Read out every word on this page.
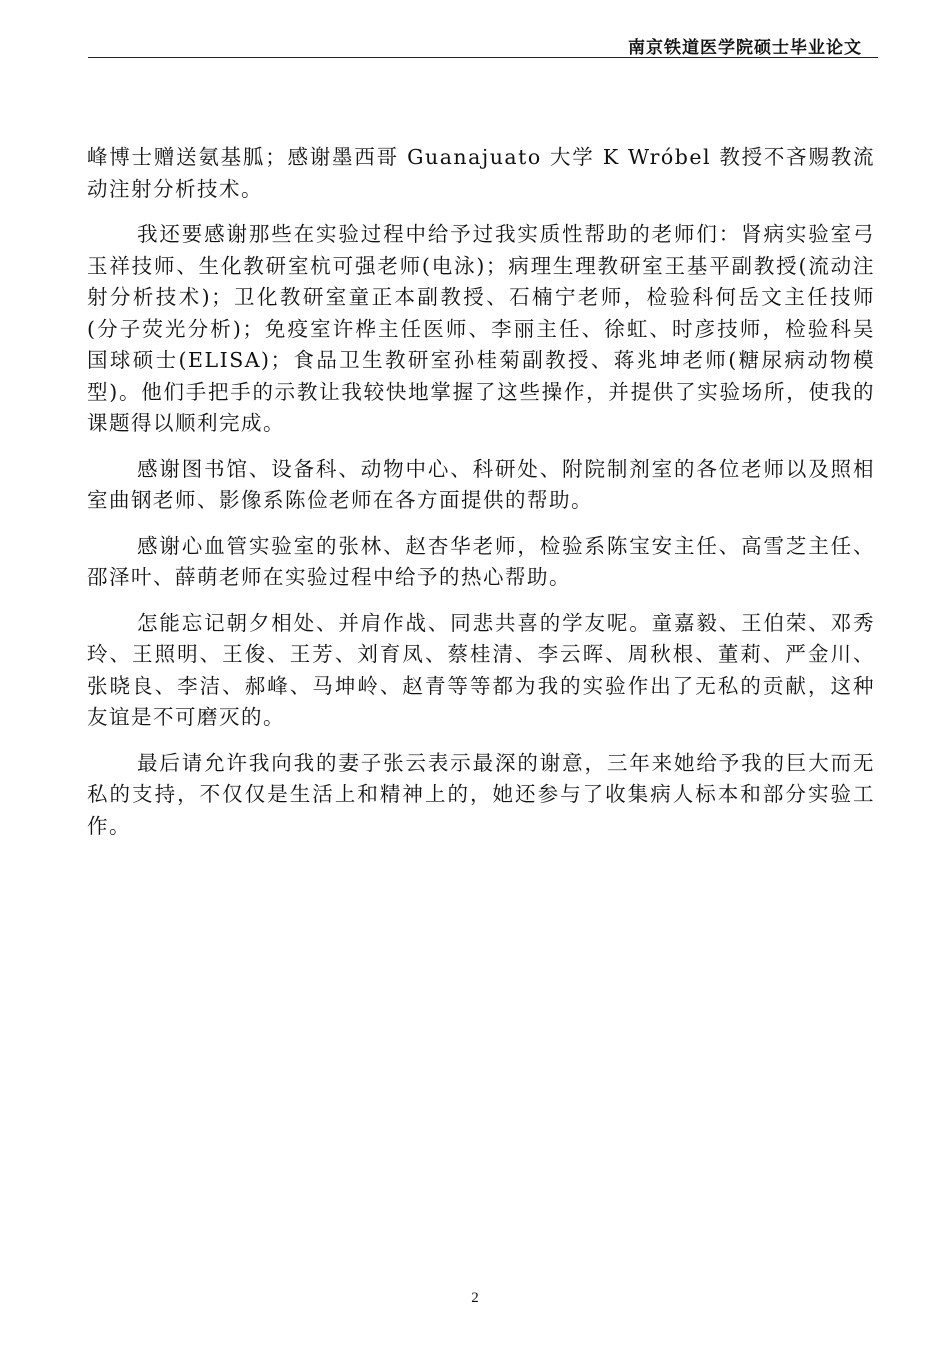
南京铁道医学院硕士毕业论文

峰博士赠送氨基胍；感谢墨西哥 Guanajuato 大学 K Wróbel 教授不吝赐教流动注射分析技术。

我还要感谢那些在实验过程中给予过我实质性帮助的老师们：肾病实验室弓玉祥技师、生化教研室杭可强老师(电泳)；病理生理教研室王基平副教授(流动注射分析技术)；卫化教研室童正本副教授、石楠宁老师，检验科何岳文主任技师(分子荧光分析)；免疫室许桦主任医师、李丽主任、徐虹、时彦技师，检验科吴国球硕士(ELISA)；食品卫生教研室孙桂菊副教授、蒋兆坤老师(糖尿病动物模型)。他们手把手的示教让我较快地掌握了这些操作，并提供了实验场所，使我的课题得以顺利完成。

感谢图书馆、设备科、动物中心、科研处、附院制剂室的各位老师以及照相室曲钢老师、影像系陈俭老师在各方面提供的帮助。

感谢心血管实验室的张林、赵杏华老师，检验系陈宝安主任、高雪芝主任、邵泽叶、薛萌老师在实验过程中给予的热心帮助。

怎能忘记朝夕相处、并肩作战、同悲共喜的学友呢。童嘉毅、王伯荣、邓秀玲、王照明、王俊、王芳、刘育凤、蔡桂清、李云晖、周秋根、董莉、严金川、张晓良、李洁、郝峰、马坤岭、赵青等等都为我的实验作出了无私的贡献，这种友谊是不可磨灭的。

最后请允许我向我的妻子张云表示最深的谢意，三年来她给予我的巨大而无私的支持，不仅仅是生活上和精神上的，她还参与了收集病人标本和部分实验工作。

2
